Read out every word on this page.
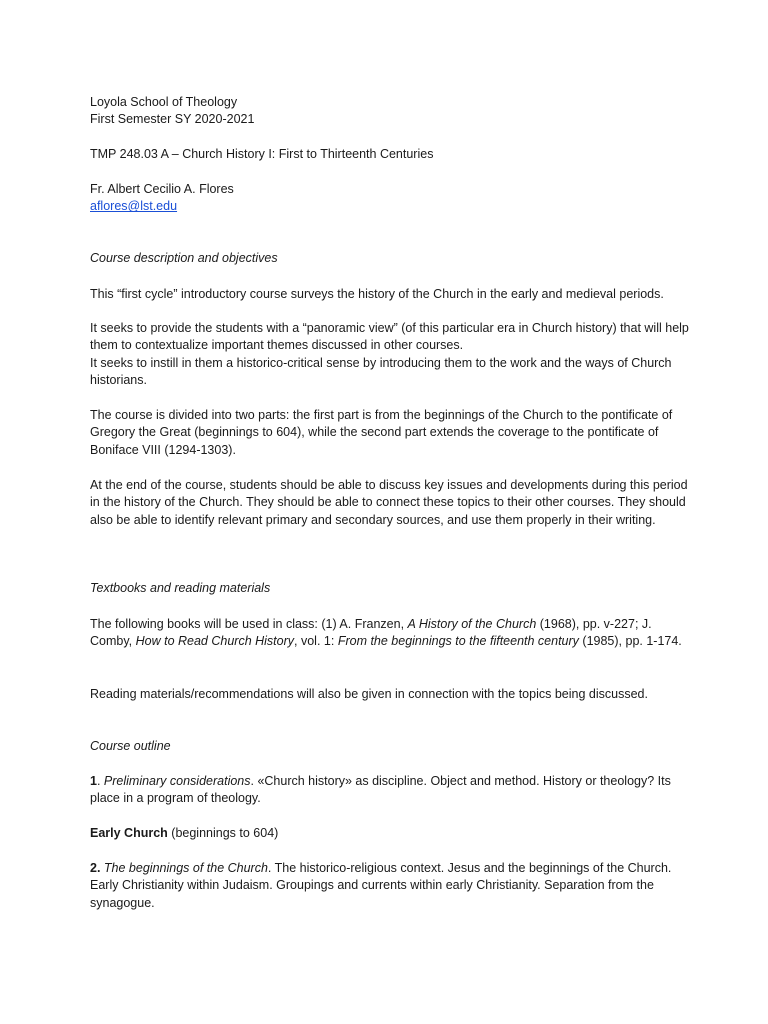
Loyola School of Theology

First Semester SY 2020-2021

TMP 248.03 A – Church History I: First to Thirteenth Centuries

Fr. Albert Cecilio A. Flores

aflores@lst.edu

Course description and objectives

This “first cycle” introductory course surveys the history of the Church in the early and medieval periods.

It seeks to provide the students with a “panoramic view” (of this particular era in Church history) that will help them to contextualize important themes discussed in other courses.

It seeks to instill in them a historico-critical sense by introducing them to the work and the ways of Church historians.

The course is divided into two parts: the first part is from the beginnings of the Church to the pontificate of Gregory the Great (beginnings to 604), while the second part extends the coverage to the pontificate of Boniface VIII (1294-1303).

At the end of the course, students should be able to discuss key issues and developments during this period in the history of the Church. They should be able to connect these topics to their other courses. They should also be able to identify relevant primary and secondary sources, and use them properly in their writing.

Textbooks and reading materials

The following books will be used in class: (1) A. Franzen, A History of the Church (1968), pp. v-227; J. Comby, How to Read Church History, vol. 1: From the beginnings to the fifteenth century (1985), pp. 1-174.

Reading materials/recommendations will also be given in connection with the topics being discussed.

Course outline

1. Preliminary considerations. «Church history» as discipline. Object and method. History or theology? Its place in a program of theology.

Early Church (beginnings to 604)

2. The beginnings of the Church. The historico-religious context. Jesus and the beginnings of the Church. Early Christianity within Judaism. Groupings and currents within early Christianity. Separation from the synagogue.
